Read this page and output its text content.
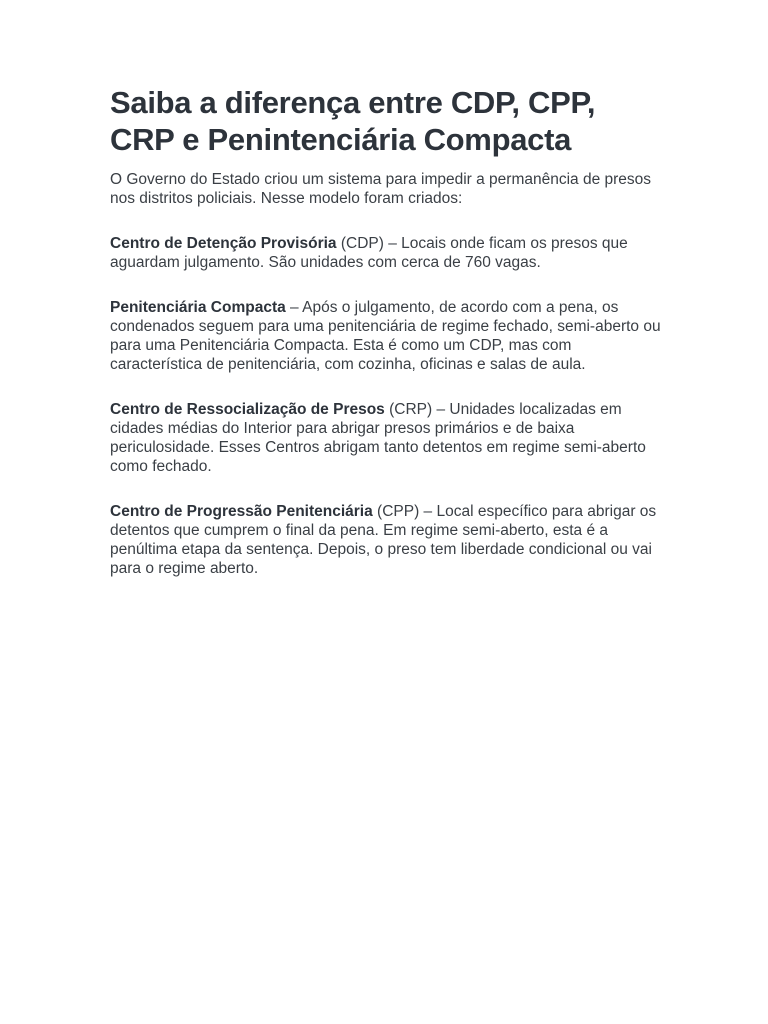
Saiba a diferença entre CDP, CPP, CRP e Penintenciária Compacta

O Governo do Estado criou um sistema para impedir a permanência de presos nos distritos policiais. Nesse modelo foram criados:

Centro de Detenção Provisória (CDP) – Locais onde ficam os presos que aguardam julgamento. São unidades com cerca de 760 vagas.

Penitenciária Compacta – Após o julgamento, de acordo com a pena, os condenados seguem para uma penitenciária de regime fechado, semi-aberto ou para uma Penitenciária Compacta. Esta é como um CDP, mas com característica de penitenciária, com cozinha, oficinas e salas de aula.

Centro de Ressocialização de Presos (CRP) – Unidades localizadas em cidades médias do Interior para abrigar presos primários e de baixa periculosidade. Esses Centros abrigam tanto detentos em regime semi-aberto como fechado.

Centro de Progressão Penitenciária (CPP) – Local específico para abrigar os detentos que cumprem o final da pena. Em regime semi-aberto, esta é a penúltima etapa da sentença. Depois, o preso tem liberdade condicional ou vai para o regime aberto.
